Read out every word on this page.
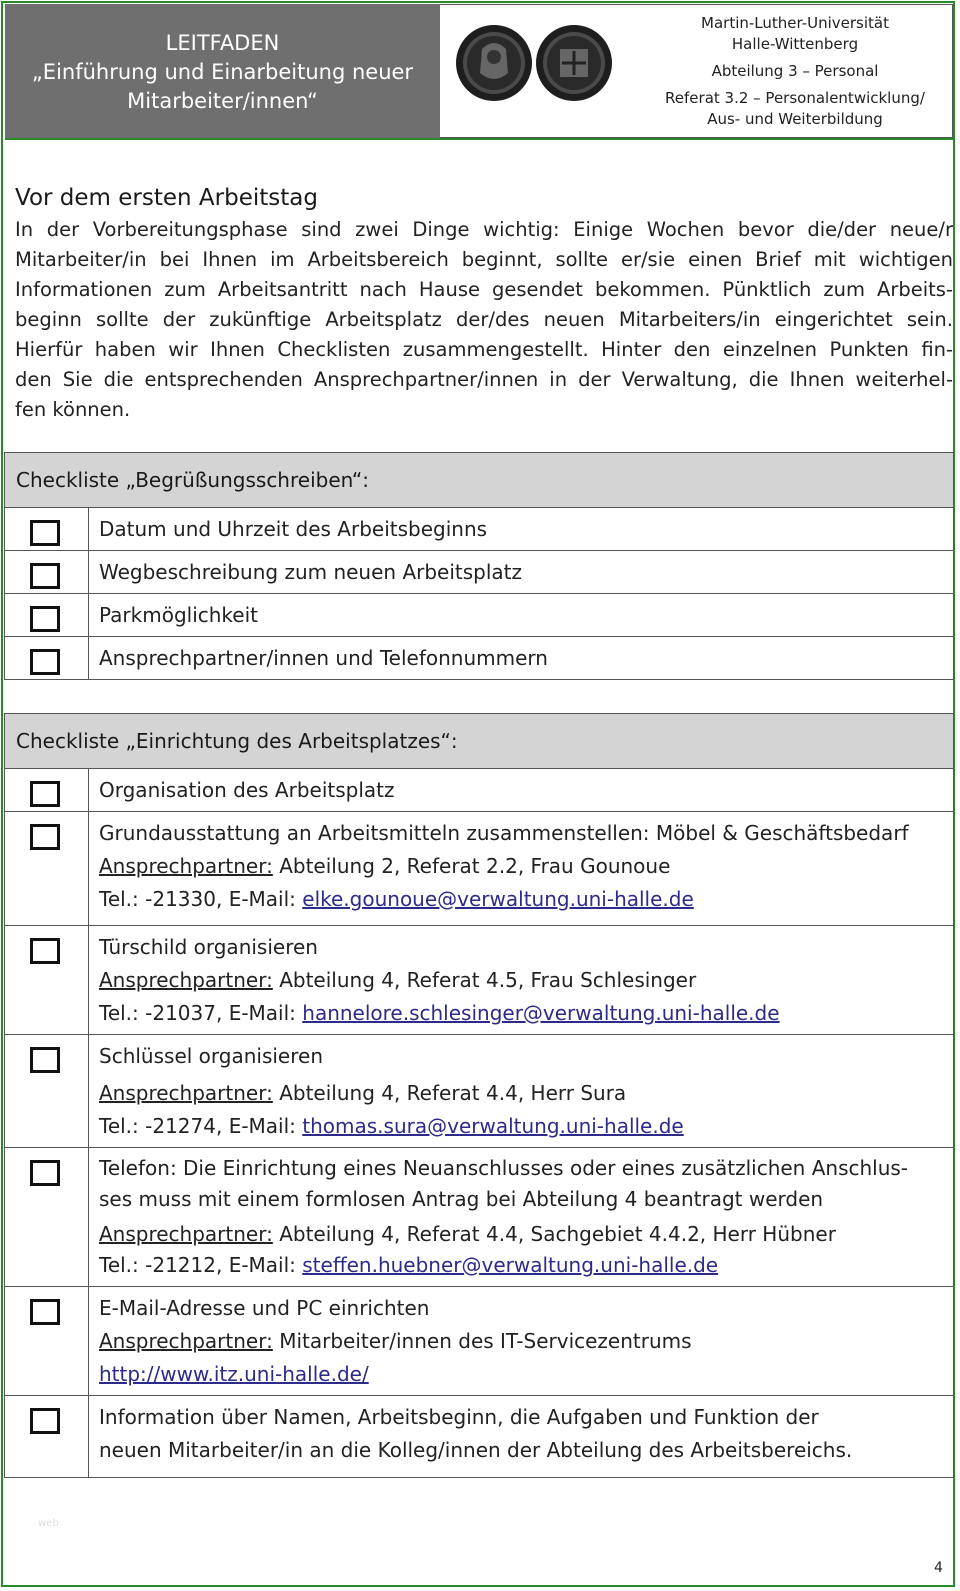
LEITFADEN
„Einführung und Einarbeitung neuer
Mitarbeiter/innen“
Martin-Luther-Universität
Halle-Wittenberg
Abteilung 3 – Personal
Referat 3.2 – Personalentwicklung/
Aus- und Weiterbildung
Vor dem ersten Arbeitstag

In der Vorbereitungsphase sind zwei Dinge wichtig: Einige Wochen bevor die/der neue/r

Mitarbeiter/in bei Ihnen im Arbeitsbereich beginnt, sollte er/sie einen Brief mit wichtigen

Informationen zum Arbeitsantritt nach Hause gesendet bekommen. Pünktlich zum Arbeits-

beginn sollte der zukünftige Arbeitsplatz der/des neuen Mitarbeiters/in eingerichtet sein.

Hierfür haben wir Ihnen Checklisten zusammengestellt. Hinter den einzelnen Punkten fin-

den Sie die entsprechenden Ansprechpartner/innen in der Verwaltung, die Ihnen weiterhel-

fen können.

Checkliste „Begrüßungsschreiben“:	

	Datum und Uhrzeit des Arbeitsbeginns

	Wegbeschreibung zum neuen Arbeitsplatz

	Parkmöglichkeit

	Ansprechpartner/innen und Telefonnummern
Checkliste „Einrichtung des Arbeitsplatzes“:	

	Organisation des Arbeitsplatz

	Grundausstattung an Arbeitsmitteln zusammenstellen: Möbel & Geschäftsbedarf
Ansprechpartner: Abteilung 2, Referat 2.2, Frau Gounoue
Tel.: -21330, E-Mail: elke.gounoue@verwaltung.uni-halle.de

	Türschild organisieren
Ansprechpartner: Abteilung 4, Referat 4.5, Frau Schlesinger
Tel.: -21037, E-Mail: hannelore.schlesinger@verwaltung.uni-halle.de

	Schlüssel organisieren
Ansprechpartner: Abteilung 4, Referat 4.4, Herr Sura
Tel.: -21274, E-Mail: thomas.sura@verwaltung.uni-halle.de

	Telefon: Die Einrichtung eines Neuanschlusses oder eines zusätzlichen Anschlus-
ses muss mit einem formlosen Antrag bei Abteilung 4 beantragt werden
Ansprechpartner: Abteilung 4, Referat 4.4, Sachgebiet 4.4.2, Herr Hübner
Tel.: -21212, E-Mail: steffen.huebner@verwaltung.uni-halle.de

	E-Mail-Adresse und PC einrichten
Ansprechpartner: Mitarbeiter/innen des IT-Servicezentrums
http://www.itz.uni-halle.de/

	Information über Namen, Arbeitsbeginn, die Aufgaben und Funktion der
neuen Mitarbeiter/in an die Kolleg/innen der Abteilung des Arbeitsbereichs.
web
4
